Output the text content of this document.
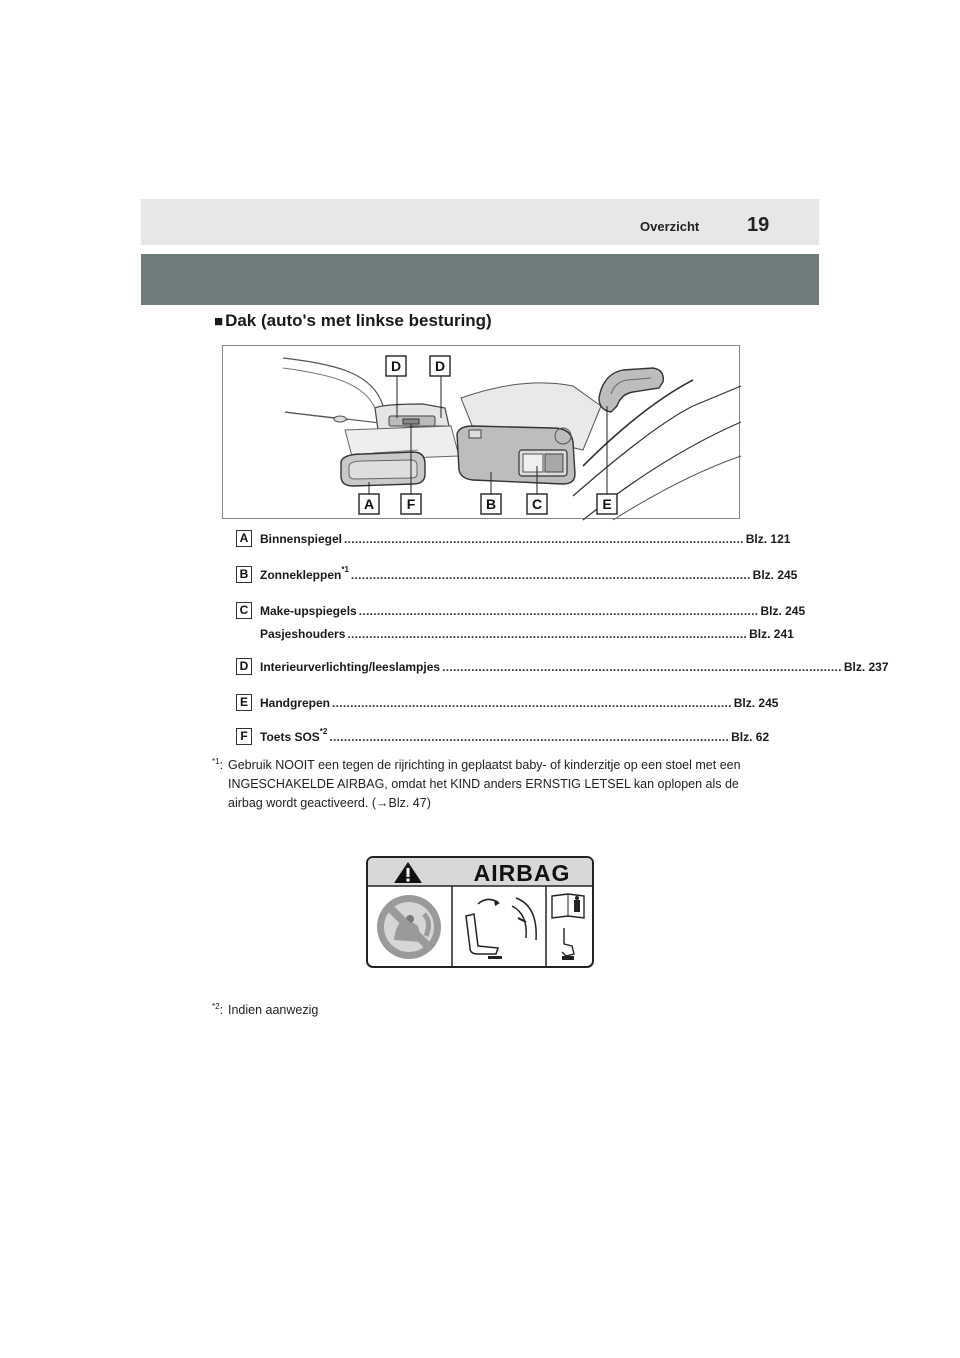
Overzicht 19
■ Dak (auto's met linkse besturing)
D D
A F	B	C	E
A Binnenspiegel .............................................................................................................. Blz. 121
B Zonnekleppen$^{*1}$ .............................................................................................................. Blz. 245
C Make-upspiegels .............................................................................................................. Blz. 245
Pasjeshouders .............................................................................................................. Blz. 241
D Interieurverlichting/leeslampjes .............................................................................................................. Blz. 237
E	Handgrepen .............................................................................................................. Blz. 245
F	Toets SOS$^{*2}$ .............................................................................................................. Blz. 62
$^{*1}$: Gebruik NOOIT een tegen de rijrichting in geplaatst baby- of kinderzitje op een stoel met een INGESCHAKELDE AIRBAG, omdat het KIND anders ERNSTIG LETSEL kan oplopen als de airbag wordt geactiveerd. (→Blz. 47)
AIRBAG
$^{*2}$: Indien aanwezig
